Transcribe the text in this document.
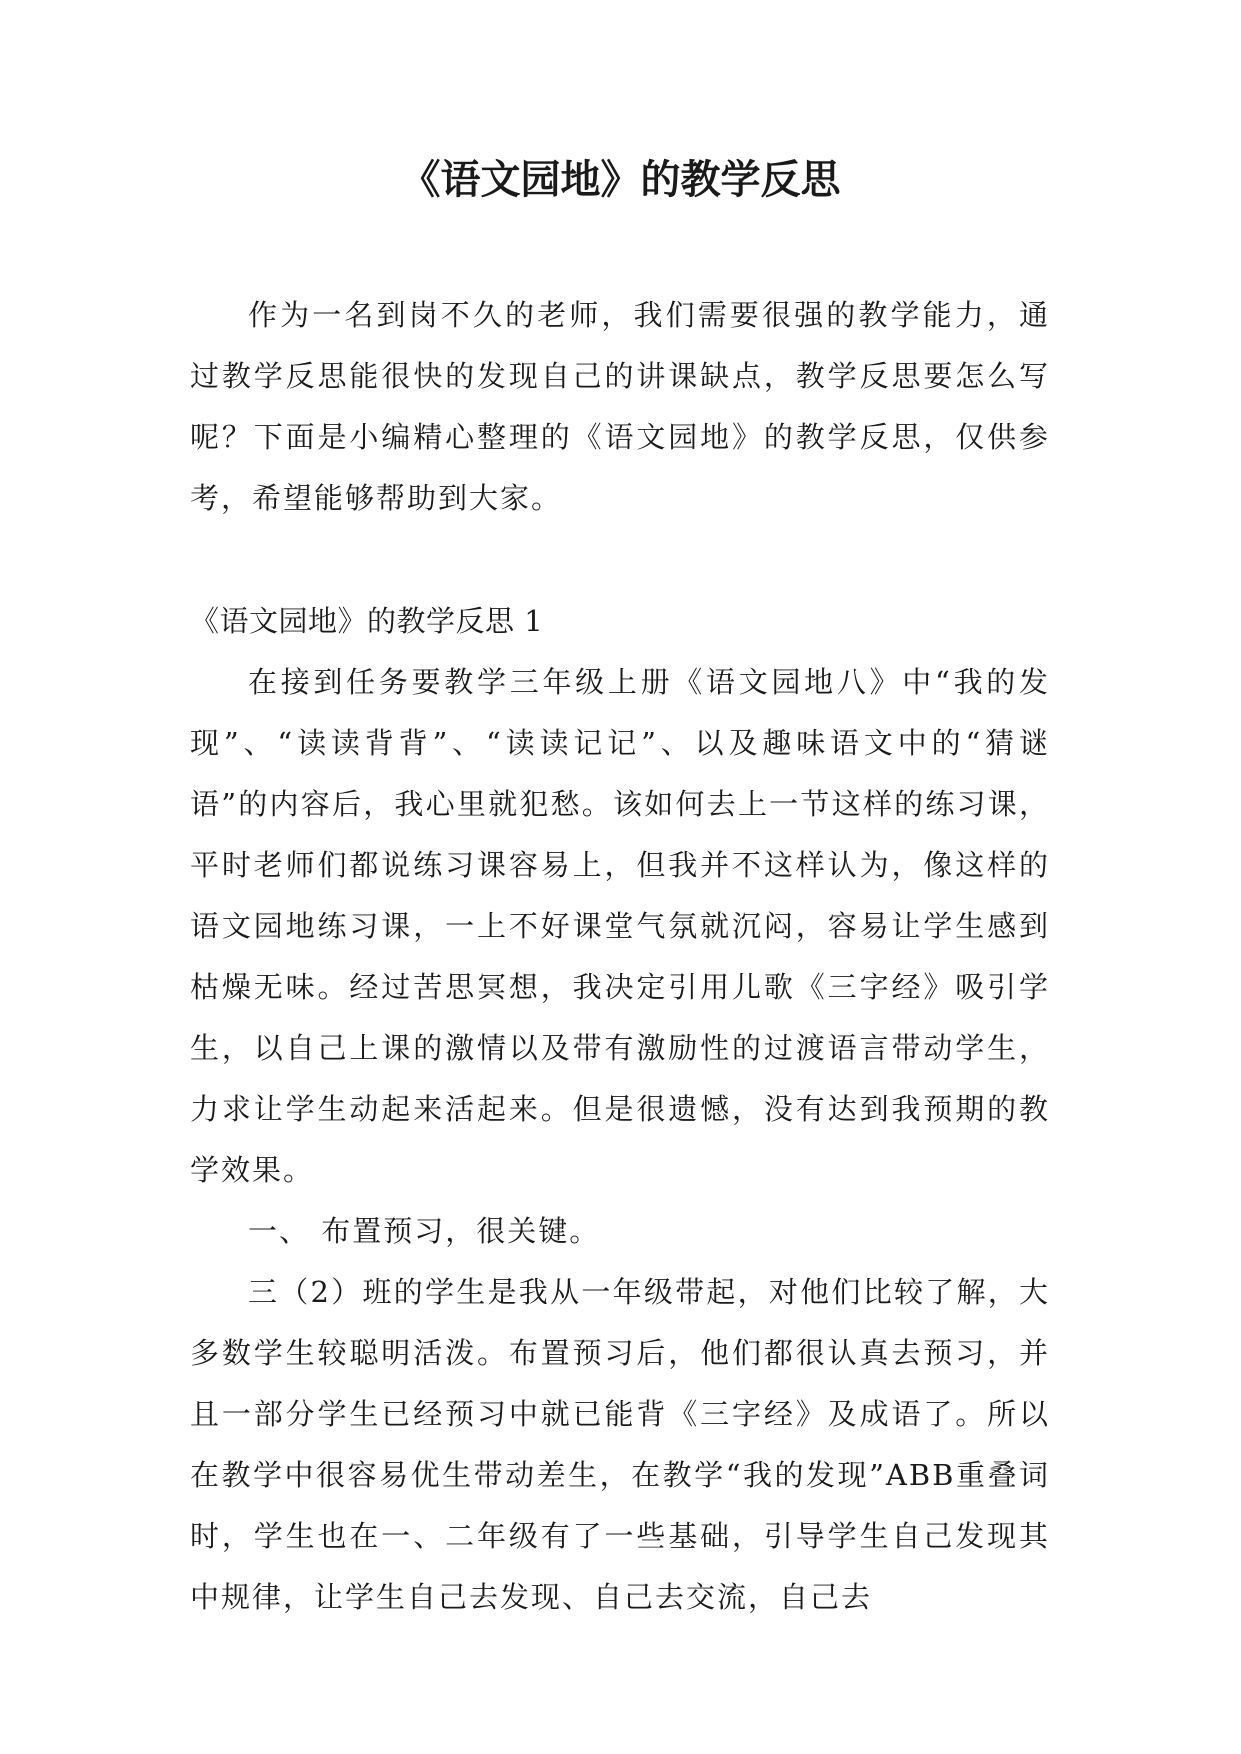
《语文园地》的教学反思

作为一名到岗不久的老师，我们需要很强的教学能力，通过教学反思能很快的发现自己的讲课缺点，教学反思要怎么写呢？下面是小编精心整理的《语文园地》的教学反思，仅供参考，希望能够帮助到大家。

《语文园地》的教学反思 1

在接到任务要教学三年级上册《语文园地八》中“我的发现”、“读读背背”、“读读记记”、以及趣味语文中的“猜谜语”的内容后，我心里就犯愁。该如何去上一节这样的练习课，平时老师们都说练习课容易上，但我并不这样认为，像这样的语文园地练习课，一上不好课堂气氛就沉闷，容易让学生感到枯燥无味。经过苦思冥想，我决定引用儿歌《三字经》吸引学生，以自己上课的激情以及带有激励性的过渡语言带动学生，力求让学生动起来活起来。但是很遗憾，没有达到我预期的教学效果。

一、 布置预习，很关键。

三（2）班的学生是我从一年级带起，对他们比较了解，大多数学生较聪明活泼。布置预习后，他们都很认真去预习，并且一部分学生已经预习中就已能背《三字经》及成语了。所以在教学中很容易优生带动差生，在教学“我的发现”ABB重叠词时，学生也在一、二年级有了一些基础，引导学生自己发现其中规律，让学生自己去发现、自己去交流，自己去
